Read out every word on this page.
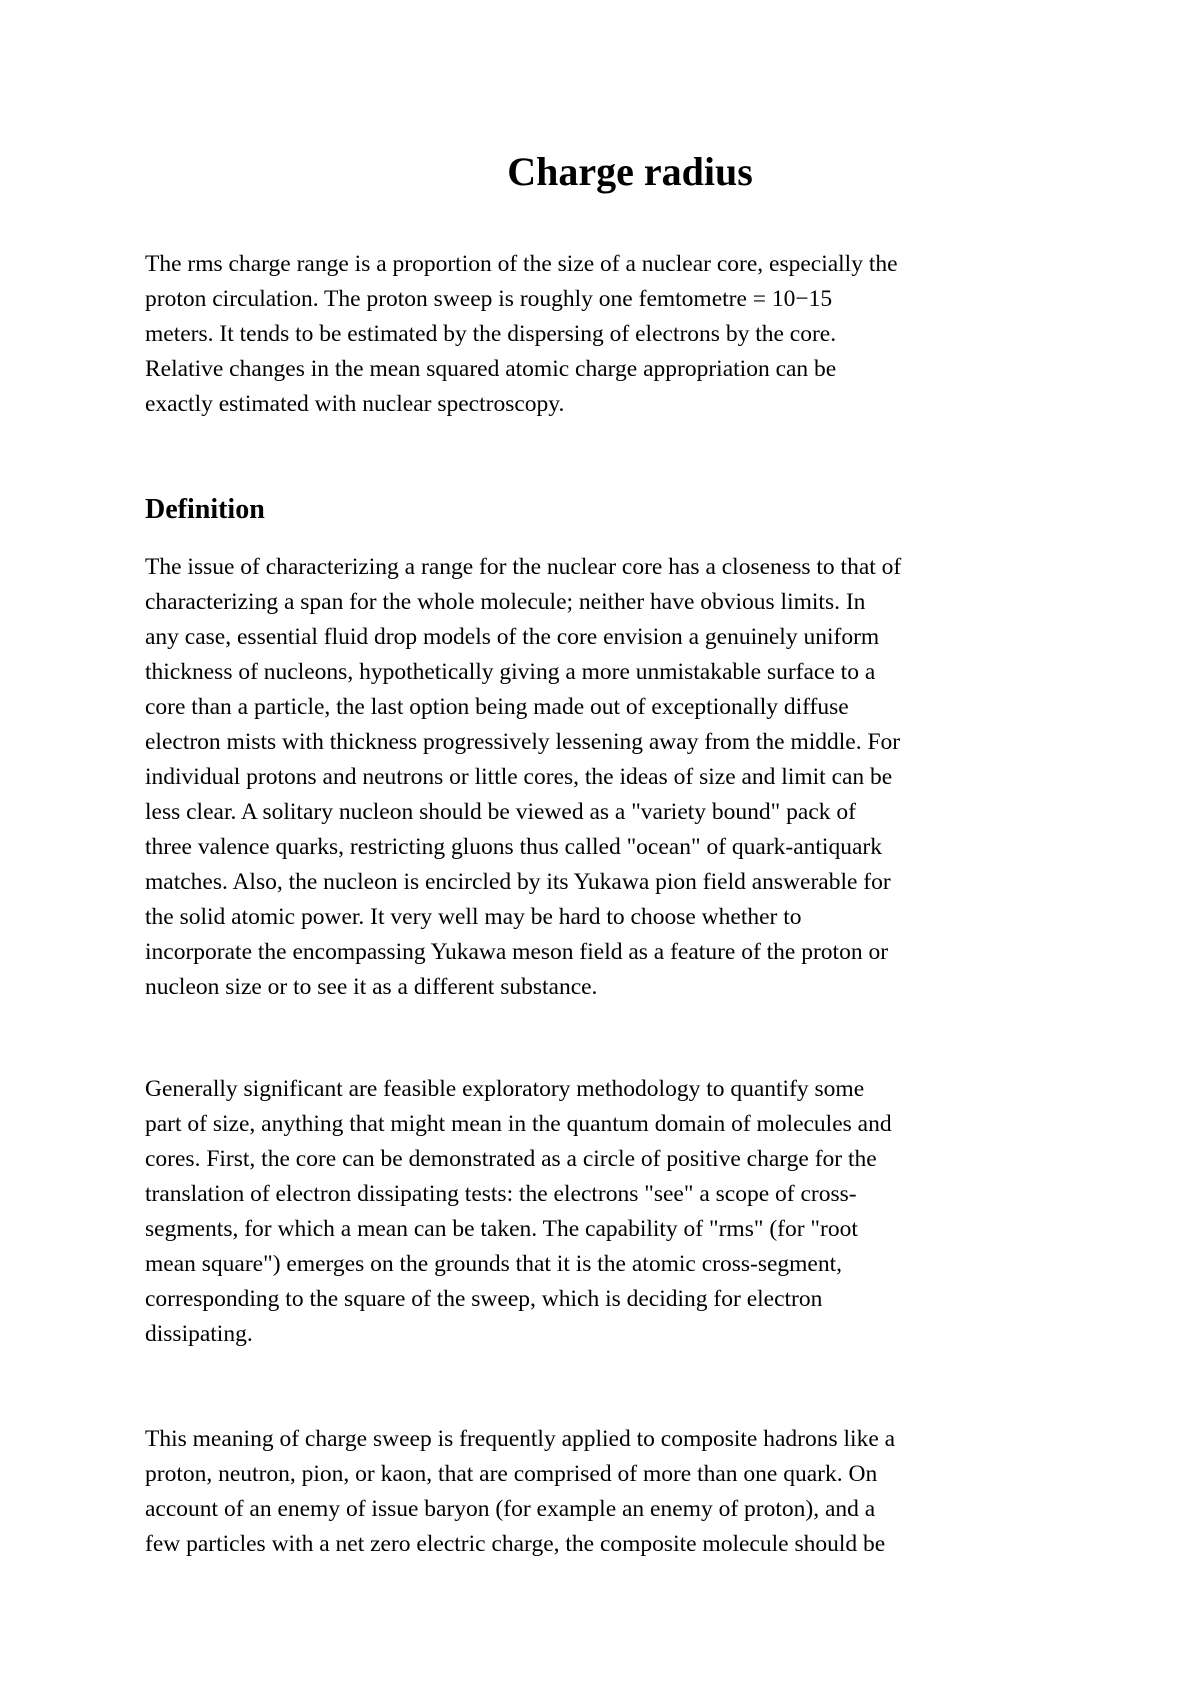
Charge radius
The rms charge range is a proportion of the size of a nuclear core, especially the
proton circulation. The proton sweep is roughly one femtometre = 10−15
meters. It tends to be estimated by the dispersing of electrons by the core.
Relative changes in the mean squared atomic charge appropriation can be
exactly estimated with nuclear spectroscopy.
Definition
The issue of characterizing a range for the nuclear core has a closeness to that of
characterizing a span for the whole molecule; neither have obvious limits. In
any case, essential fluid drop models of the core envision a genuinely uniform
thickness of nucleons, hypothetically giving a more unmistakable surface to a
core than a particle, the last option being made out of exceptionally diffuse
electron mists with thickness progressively lessening away from the middle. For
individual protons and neutrons or little cores, the ideas of size and limit can be
less clear. A solitary nucleon should be viewed as a "variety bound" pack of
three valence quarks, restricting gluons thus called "ocean" of quark-antiquark
matches. Also, the nucleon is encircled by its Yukawa pion field answerable for
the solid atomic power. It very well may be hard to choose whether to
incorporate the encompassing Yukawa meson field as a feature of the proton or
nucleon size or to see it as a different substance.
Generally significant are feasible exploratory methodology to quantify some
part of size, anything that might mean in the quantum domain of molecules and
cores. First, the core can be demonstrated as a circle of positive charge for the
translation of electron dissipating tests: the electrons "see" a scope of cross-
segments, for which a mean can be taken. The capability of "rms" (for "root
mean square") emerges on the grounds that it is the atomic cross-segment,
corresponding to the square of the sweep, which is deciding for electron
dissipating.
This meaning of charge sweep is frequently applied to composite hadrons like a
proton, neutron, pion, or kaon, that are comprised of more than one quark. On
account of an enemy of issue baryon (for example an enemy of proton), and a
few particles with a net zero electric charge, the composite molecule should be
